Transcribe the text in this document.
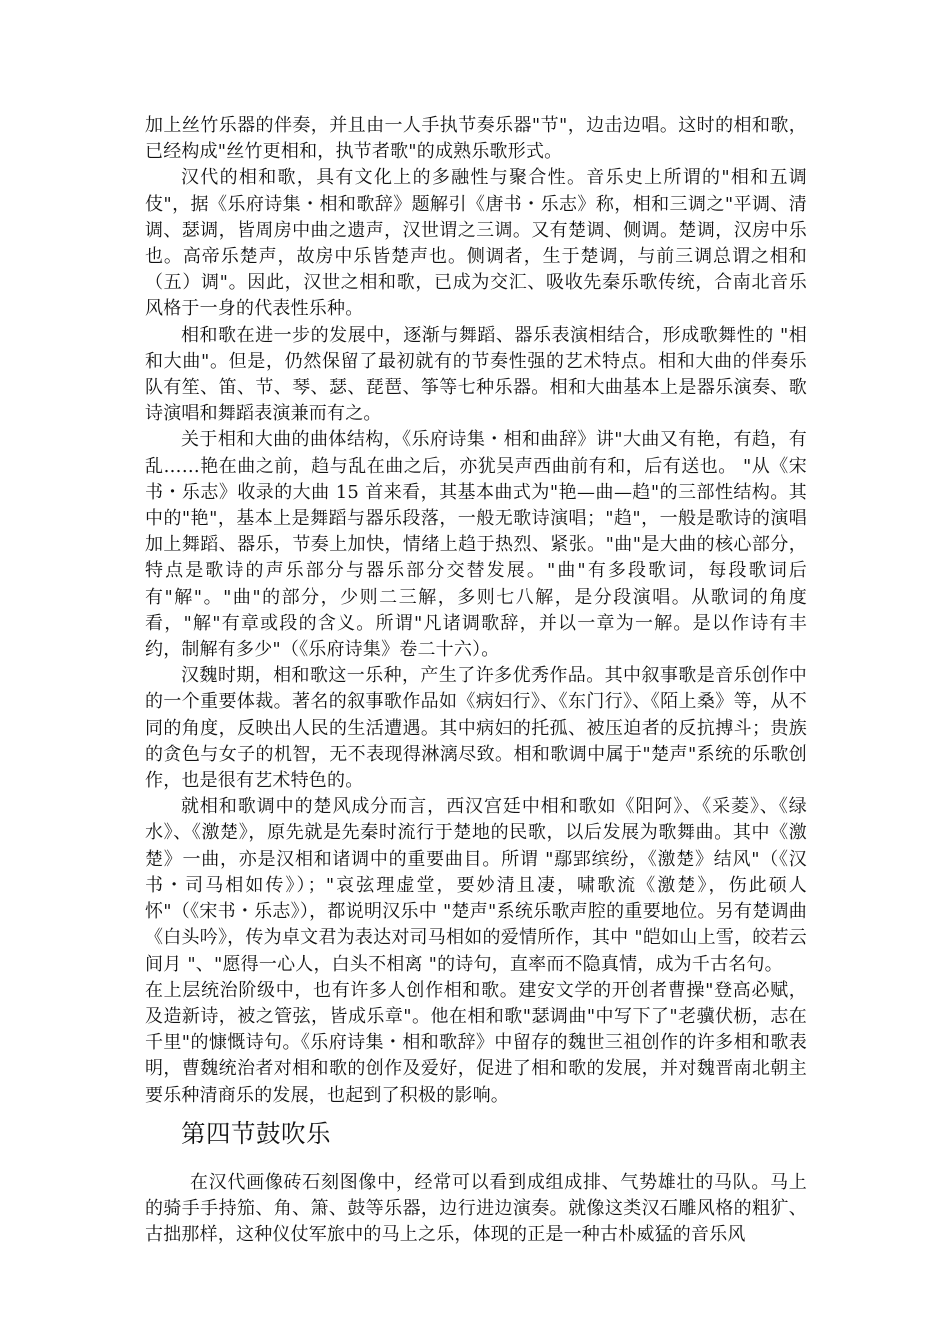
加上丝竹乐器的伴奏，并且由一人手执节奏乐器"节"，边击边唱。这时的相和歌，已经构成"丝竹更相和，执节者歌"的成熟乐歌形式。

汉代的相和歌，具有文化上的多融性与聚合性。音乐史上所谓的"相和五调伎"，据《乐府诗集・相和歌辞》题解引《唐书・乐志》称，相和三调之"平调、清调、瑟调，皆周房中曲之遗声，汉世谓之三调。又有楚调、侧调。楚调，汉房中乐也。高帝乐楚声，故房中乐皆楚声也。侧调者，生于楚调，与前三调总谓之相和（五）调"。因此，汉世之相和歌，已成为交汇、吸收先秦乐歌传统，合南北音乐风格于一身的代表性乐种。

相和歌在进一步的发展中，逐渐与舞蹈、器乐表演相结合，形成歌舞性的 "相和大曲"。但是，仍然保留了最初就有的节奏性强的艺术特点。相和大曲的伴奏乐队有笙、笛、节、琴、瑟、琵琶、筝等七种乐器。相和大曲基本上是器乐演奏、歌诗演唱和舞蹈表演兼而有之。

关于相和大曲的曲体结构，《乐府诗集・相和曲辞》讲"大曲又有艳，有趋，有乱……艳在曲之前，趋与乱在曲之后，亦犹吴声西曲前有和，后有送也。 "从《宋书・乐志》收录的大曲 15 首来看，其基本曲式为"艳—曲—趋"的三部性结构。其中的"艳"，基本上是舞蹈与器乐段落，一般无歌诗演唱；"趋"，一般是歌诗的演唱加上舞蹈、器乐，节奏上加快，情绪上趋于热烈、紧张。"曲"是大曲的核心部分，特点是歌诗的声乐部分与器乐部分交替发展。"曲"有多段歌词，每段歌词后有"解"。"曲"的部分，少则二三解，多则七八解，是分段演唱。从歌词的角度看，"解"有章或段的含义。所谓"凡诸调歌辞，并以一章为一解。是以作诗有丰约，制解有多少"（《乐府诗集》卷二十六）。

汉魏时期，相和歌这一乐种，产生了许多优秀作品。其中叙事歌是音乐创作中的一个重要体裁。著名的叙事歌作品如《病妇行》、《东门行》、《陌上桑》等，从不同的角度，反映出人民的生活遭遇。其中病妇的托孤、被压迫者的反抗搏斗；贵族的贪色与女子的机智，无不表现得淋漓尽致。相和歌调中属于"楚声"系统的乐歌创作，也是很有艺术特色的。

就相和歌调中的楚风成分而言，西汉宫廷中相和歌如《阳阿》、《采菱》、《绿水》、《激楚》，原先就是先秦时流行于楚地的民歌，以后发展为歌舞曲。其中《激楚》一曲，亦是汉相和诸调中的重要曲目。所谓 "鄢郢缤纷，《激楚》结风"（《汉书・司马相如传》）；"哀弦理虚堂，要妙清且凄，啸歌流《激楚》，伤此硕人怀"（《宋书・乐志》），都说明汉乐中 "楚声"系统乐歌声腔的重要地位。另有楚调曲《白头吟》，传为卓文君为表达对司马相如的爱情所作，其中 "皑如山上雪，皎若云间月 "、"愿得一心人，白头不相离 "的诗句，直率而不隐真情，成为千古名句。

在上层统治阶级中，也有许多人创作相和歌。建安文学的开创者曹操"登高必赋，及造新诗，被之管弦，皆成乐章"。他在相和歌"瑟调曲"中写下了"老骥伏枥，志在千里"的慷慨诗句。《乐府诗集・相和歌辞》中留存的魏世三祖创作的许多相和歌表明，曹魏统治者对相和歌的创作及爱好，促进了相和歌的发展，并对魏晋南北朝主要乐种清商乐的发展，也起到了积极的影响。

第四节鼓吹乐

在汉代画像砖石刻图像中，经常可以看到成组成排、气势雄壮的马队。马上的骑手手持笳、角、箫、鼓等乐器，边行进边演奏。就像这类汉石雕风格的粗犷、古拙那样，这种仪仗军旅中的马上之乐，体现的正是一种古朴威猛的音乐风
